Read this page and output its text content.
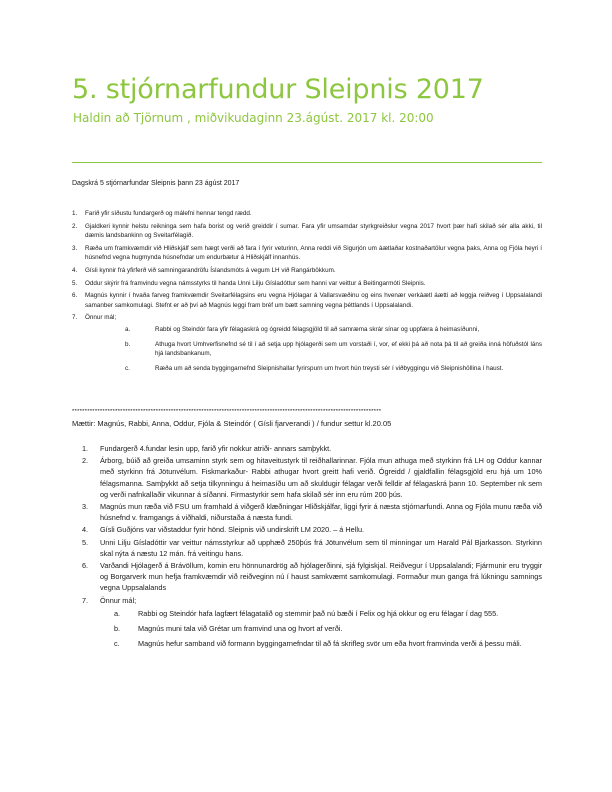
5. stjórnarfundur Sleipnis 2017
Haldin að Tjörnum , miðvikudaginn 23.ágúst. 2017 kl. 20:00
Dagskrá 5 stjórnarfundar Sleipnis þann 23 ágúst 2017
1. Farið yfir síðustu fundargerð og málefni hennar tengd rædd.
2. Gjaldkeri kynnir helstu reikninga sem hafa borist og verið greiddir í sumar. Fara yfir umsamdar styrkgreiðslur vegna 2017 hvort þær hafi skilað sér alla akki, til dæmis landsbankinn og Sveitarfélagið.
3. Ræða um framkvæmdir við Hliðskjálf sem hægt verði að fara í fyrir veturinn, Anna reddi við Sigurjón um áætlaðar kostnaðartölur vegna þaks, Anna og Fjóla heyri í húsnefnd vegna hugmynda húsnefndar um endurbætur á Hliðskjálf innanhús.
4. Gísli kynnir frá yfirferð við samningarandröfu Íslandsmóts á vegum LH við Rangárbökkum.
5. Oddur skýrir frá framvindu vegna námsstyrks til handa Unni Lilju Gísladóttur sem hanni var veittur á Beitingarmóti Sleipnis.
6. Magnús kynnir í hvaða farveg framkvæmdir Sveitarfélagsins eru vegna Hjólagar á Vallarsvæðinu og eins hvenær verkáætl áætti að leggja reiðveg í Uppsalalandi samanber samkomulagi. Stefnt er að því að Magnús leggi fram bréf um bætt samning vegna þéttlands í Uppsalalandi.
7. Önnur mál;
a.	Rabbi og Steindór fara yfir félagaskrá og ógreidd félagsgjöld til að samræma skrár sínar og uppfæra á heimasíðunni,
b.	Athuga hvort Umhverfisnefnd sé til í að setja upp hjólagerði sem um vorstaði í, vor, ef ekki þá að nota þá til að greiða inná höfuðstól láns hjá landsbankanum,
c.	Ræða um að senda byggingarnefnd Sleipnishallar fyrirspurn um hvort hún treysti sér í viðbyggingu við Sleipnishöllina í haust.
**************************************************************************************************************************
Mættir: Magnús, Rabbi, Anna, Oddur, Fjóla & Steindór ( Gísli fjarverandi ) / fundur settur kl.20.05
1. Fundargerð 4.fundar lesin upp, farið yfir nokkur atriði- annars samþykkt.
2. Árborg, búið að greiða umsaminn styrk sem og hitaveitustyrk til reiðhallarinnar. Fjóla mun athuga með styrkinn frá LH og Oddur kannar með styrkinn frá Jötunvélum. Fiskmarkaður- Rabbi athugar hvort greitt hafi verið. Ógreidd / gjaldfallin félagsgjöld eru hjá um 10% félagsmanna. Samþykkt að setja tilkynningu á heimasíðu um að skuldugir félagar verði felldir af félagaskrá þann 10. September nk sem og verði nafnkallaðir vikunnar á síðanni. Firmastyrkir sem hafa skilað sér inn eru rúm 200 þús.
3. Magnús mun ræða við FSU um framhald á viðgerð klæðningar Hliðskjálfar, liggi fyrir á næsta stjórnarfundi. Anna og Fjóla munu ræða við húsnefnd v. framgangs á viðhaldi, niðurstaða á næsta fundi.
4. Gísli Guðjóns var viðstaddur fyrir hönd. Sleipnis við undirskrift LM 2020. – á Hellu.
5. Unni Lilju Gísladóttir var veittur námsstyrkur að upphæð 250þús frá Jötunvélum sem til minningar um Harald Pál Bjarkasson. Styrkinn skal nýta á næstu 12 mán. frá veitingu hans.
6. Varðandi Hjólagerð á Brávöllum, komin eru hönnunardrög að hjólagerðinni, sjá fylgiskjal. Reiðvegur í Uppsalalandi; Fjármunir eru tryggir og Borgarverk mun hefja framkvæmdir við reiðveginn nú í haust samkvæmt samkomulagi. Formaður mun ganga frá lúkningu samnings vegna Uppsalalands
7. Önnur mál;
a. Rabbi og Steindór hafa lagfært félagatalið og stemmir það nú bæði í Felix og hjá okkur og eru félagar í dag 555.
b. Magnús muni tala við Grétar um framvind una og hvort af verði.
c.	Magnús hefur samband við formann byggingarnefndar til að fá skrifleg svör um eða hvort framvinda verði á þessu máli.
